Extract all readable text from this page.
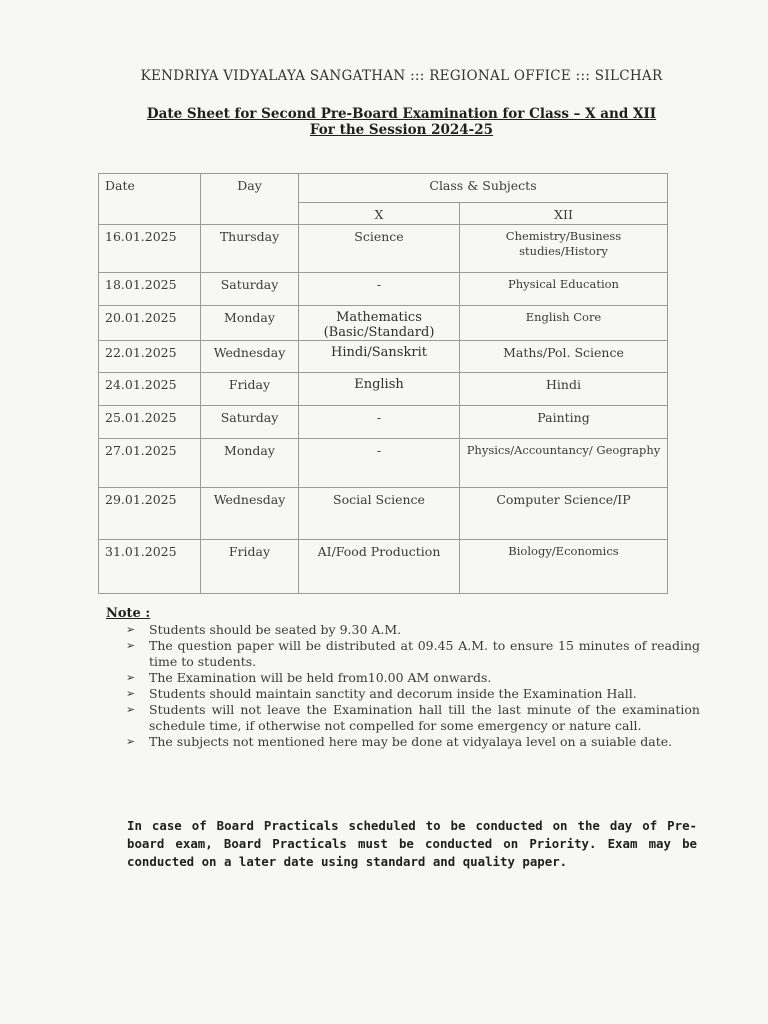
KENDRIYA VIDYALAYA SANGATHAN ::: REGIONAL OFFICE ::: SILCHAR
Date Sheet for Second Pre-Board Examination for Class – X and XII
For the Session 2024-25
Date	Day	Class & Subjects	
		X	XII
16.01.2025	Thursday	Science	Chemistry/Business studies/History
18.01.2025	Saturday	-	Physical Education
20.01.2025	Monday	Mathematics (Basic/Standard)	English Core
22.01.2025	Wednesday	Hindi/Sanskrit	Maths/Pol. Science
24.01.2025	Friday	English	Hindi
25.01.2025	Saturday	-	Painting
27.01.2025	Monday	-	Physics/Accountancy/ Geography
29.01.2025	Wednesday	Social Science	Computer Science/IP
31.01.2025	Friday	AI/Food Production	Biology/Economics
Note :
➢ Students should be seated by 9.30 A.M.
➢ The question paper will be distributed at 09.45 A.M. to ensure 15 minutes of reading time to students.
➢ The Examination will be held from10.00 AM onwards.
➢ Students should maintain sanctity and decorum inside the Examination Hall.
➢ Students will not leave the Examination hall till the last minute of the examination schedule time, if otherwise not compelled for some emergency or nature call.
➢ The subjects not mentioned here may be done at vidyalaya level on a suiable date.
In case of Board Practicals scheduled to be conducted on the day of Pre-board exam, Board Practicals must be conducted on Priority. Exam may be conducted on a later date using standard and quality paper.
